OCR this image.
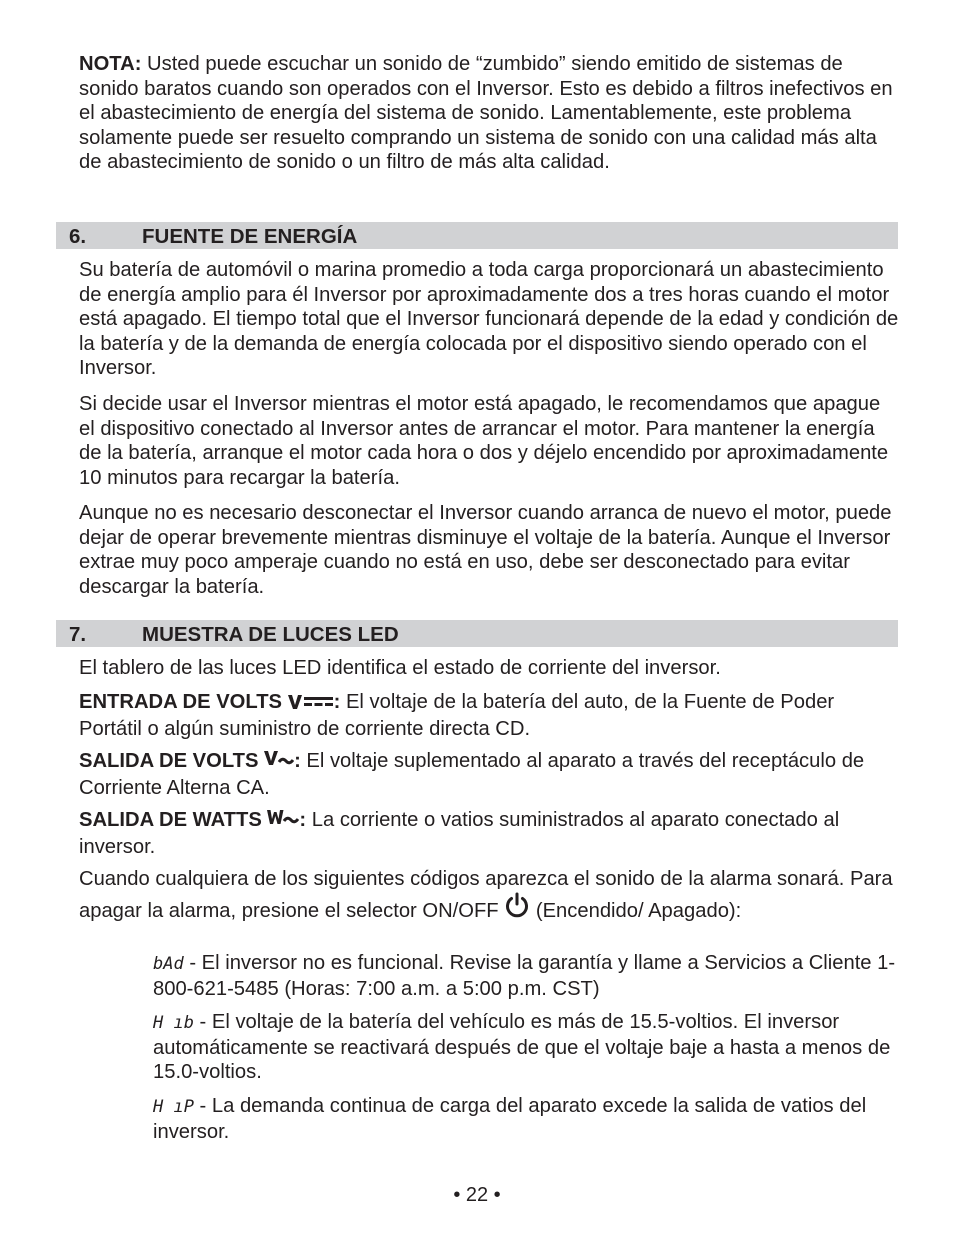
NOTA: Usted puede escuchar un sonido de “zumbido” siendo emitido de sistemas de sonido baratos cuando son operados con el Inversor. Esto es debido a filtros inefectivos en el abastecimiento de energía del sistema de sonido. Lamentablemente, este problema solamente puede ser resuelto comprando un sistema de sonido con una calidad más alta de abastecimiento de sonido o un filtro de más alta calidad.

6.	FUENTE DE ENERGÍA

Su batería de automóvil o marina promedio a toda carga proporcionará un abastecimiento de energía amplio para él Inversor por aproximadamente dos a tres horas cuando el motor está apagado. El tiempo total que el Inversor funcionará depende de la edad y condición de la batería y de la demanda de energía colocada por el dispositivo siendo operado con el Inversor.

Si decide usar el Inversor mientras el motor está apagado, le recomendamos que apague el dispositivo conectado al Inversor antes de arrancar el motor. Para mantener la energía de la batería, arranque el motor cada hora o dos y déjelo encendido por aproximadamente 10 minutos para recargar la batería.

Aunque no es necesario desconectar el Inversor cuando arranca de nuevo el motor, puede dejar de operar brevemente mientras disminuye el voltaje de la batería. Aunque el Inversor extrae muy poco amperaje cuando no está en uso, debe ser desconectado para evitar descargar la batería.

7.	MUESTRA DE LUCES LED

El tablero de las luces LED identifica el estado de corriente del inversor.

ENTRADA DE VOLTS	: El voltaje de la batería del auto, de la Fuente de Poder Portátil o algún suministro de corriente directa CD.

SALIDA DE VOLTS : El voltaje suplementado al aparato a través del receptáculo de Corriente Alterna CA.

SALIDA DE WATTS : La corriente o vatios suministrados al aparato conectado al inversor.

Cuando cualquiera de los siguientes códigos aparezca el sonido de la alarma sonará. Para apagar la alarma, presione el selector ON/OFF  (Encendido/ Apagado):

bAd - El inversor no es funcional. Revise la garantía y llame a Servicios a Cliente 1-800-621-5485 (Horas: 7:00 a.m. a 5:00 p.m. CST)

H ıb - El voltaje de la batería del vehículo es más de 15.5-voltios. El inversor automáticamente se reactivará después de que el voltaje baje a hasta a menos de 15.0-voltios.

H ıP - La demanda continua de carga del aparato excede la salida de vatios del inversor.

• 22 •
